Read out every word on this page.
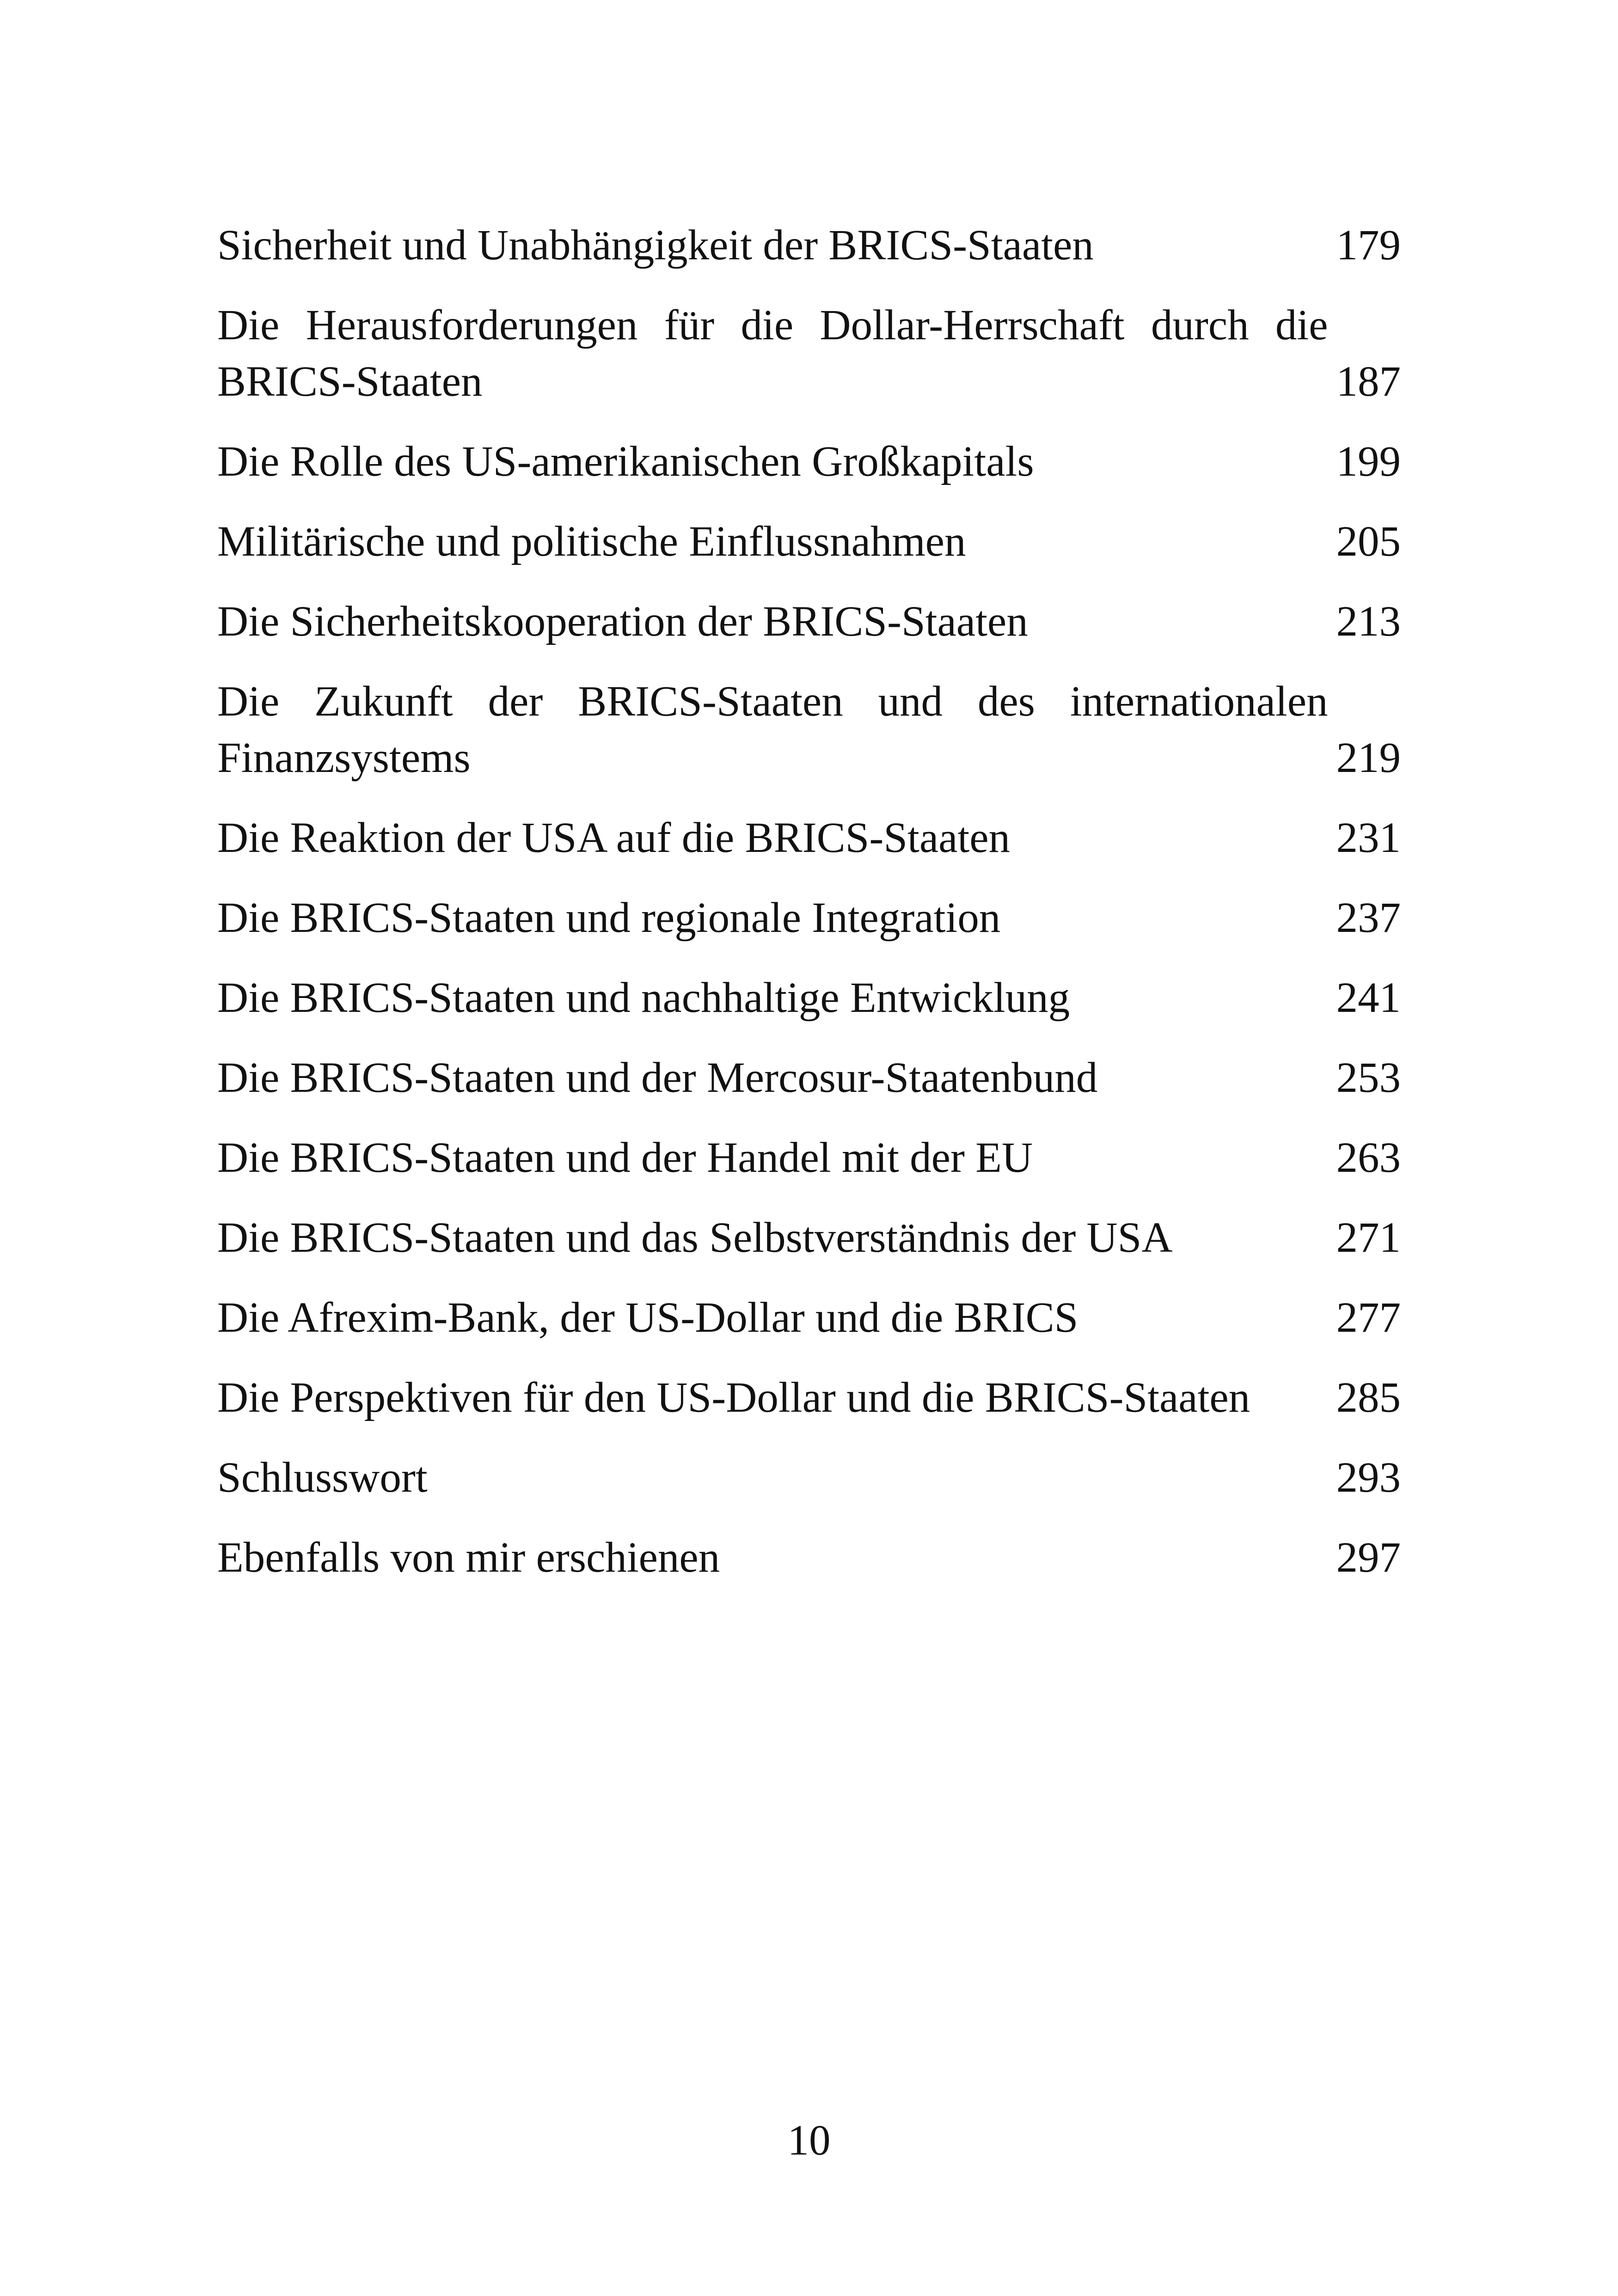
Sicherheit und Unabhängigkeit der BRICS-Staaten	179
Die Herausforderungen für die Dollar-Herrschaft durch die BRICS-Staaten	187
Die Rolle des US-amerikanischen Großkapitals	199
Militärische und politische Einflussnahmen	205
Die Sicherheitskooperation der BRICS-Staaten	213
Die Zukunft der BRICS-Staaten und des internationalen Finanzsystems	219
Die Reaktion der USA auf die BRICS-Staaten	231
Die BRICS-Staaten und regionale Integration	237
Die BRICS-Staaten und nachhaltige Entwicklung	241
Die BRICS-Staaten und der Mercosur-Staatenbund	253
Die BRICS-Staaten und der Handel mit der EU	263
Die BRICS-Staaten und das Selbstverständnis der USA	271
Die Afrexim-Bank, der US-Dollar und die BRICS	277
Die Perspektiven für den US-Dollar und die BRICS-Staaten	285
Schlusswort	293
Ebenfalls von mir erschienen	297
10
